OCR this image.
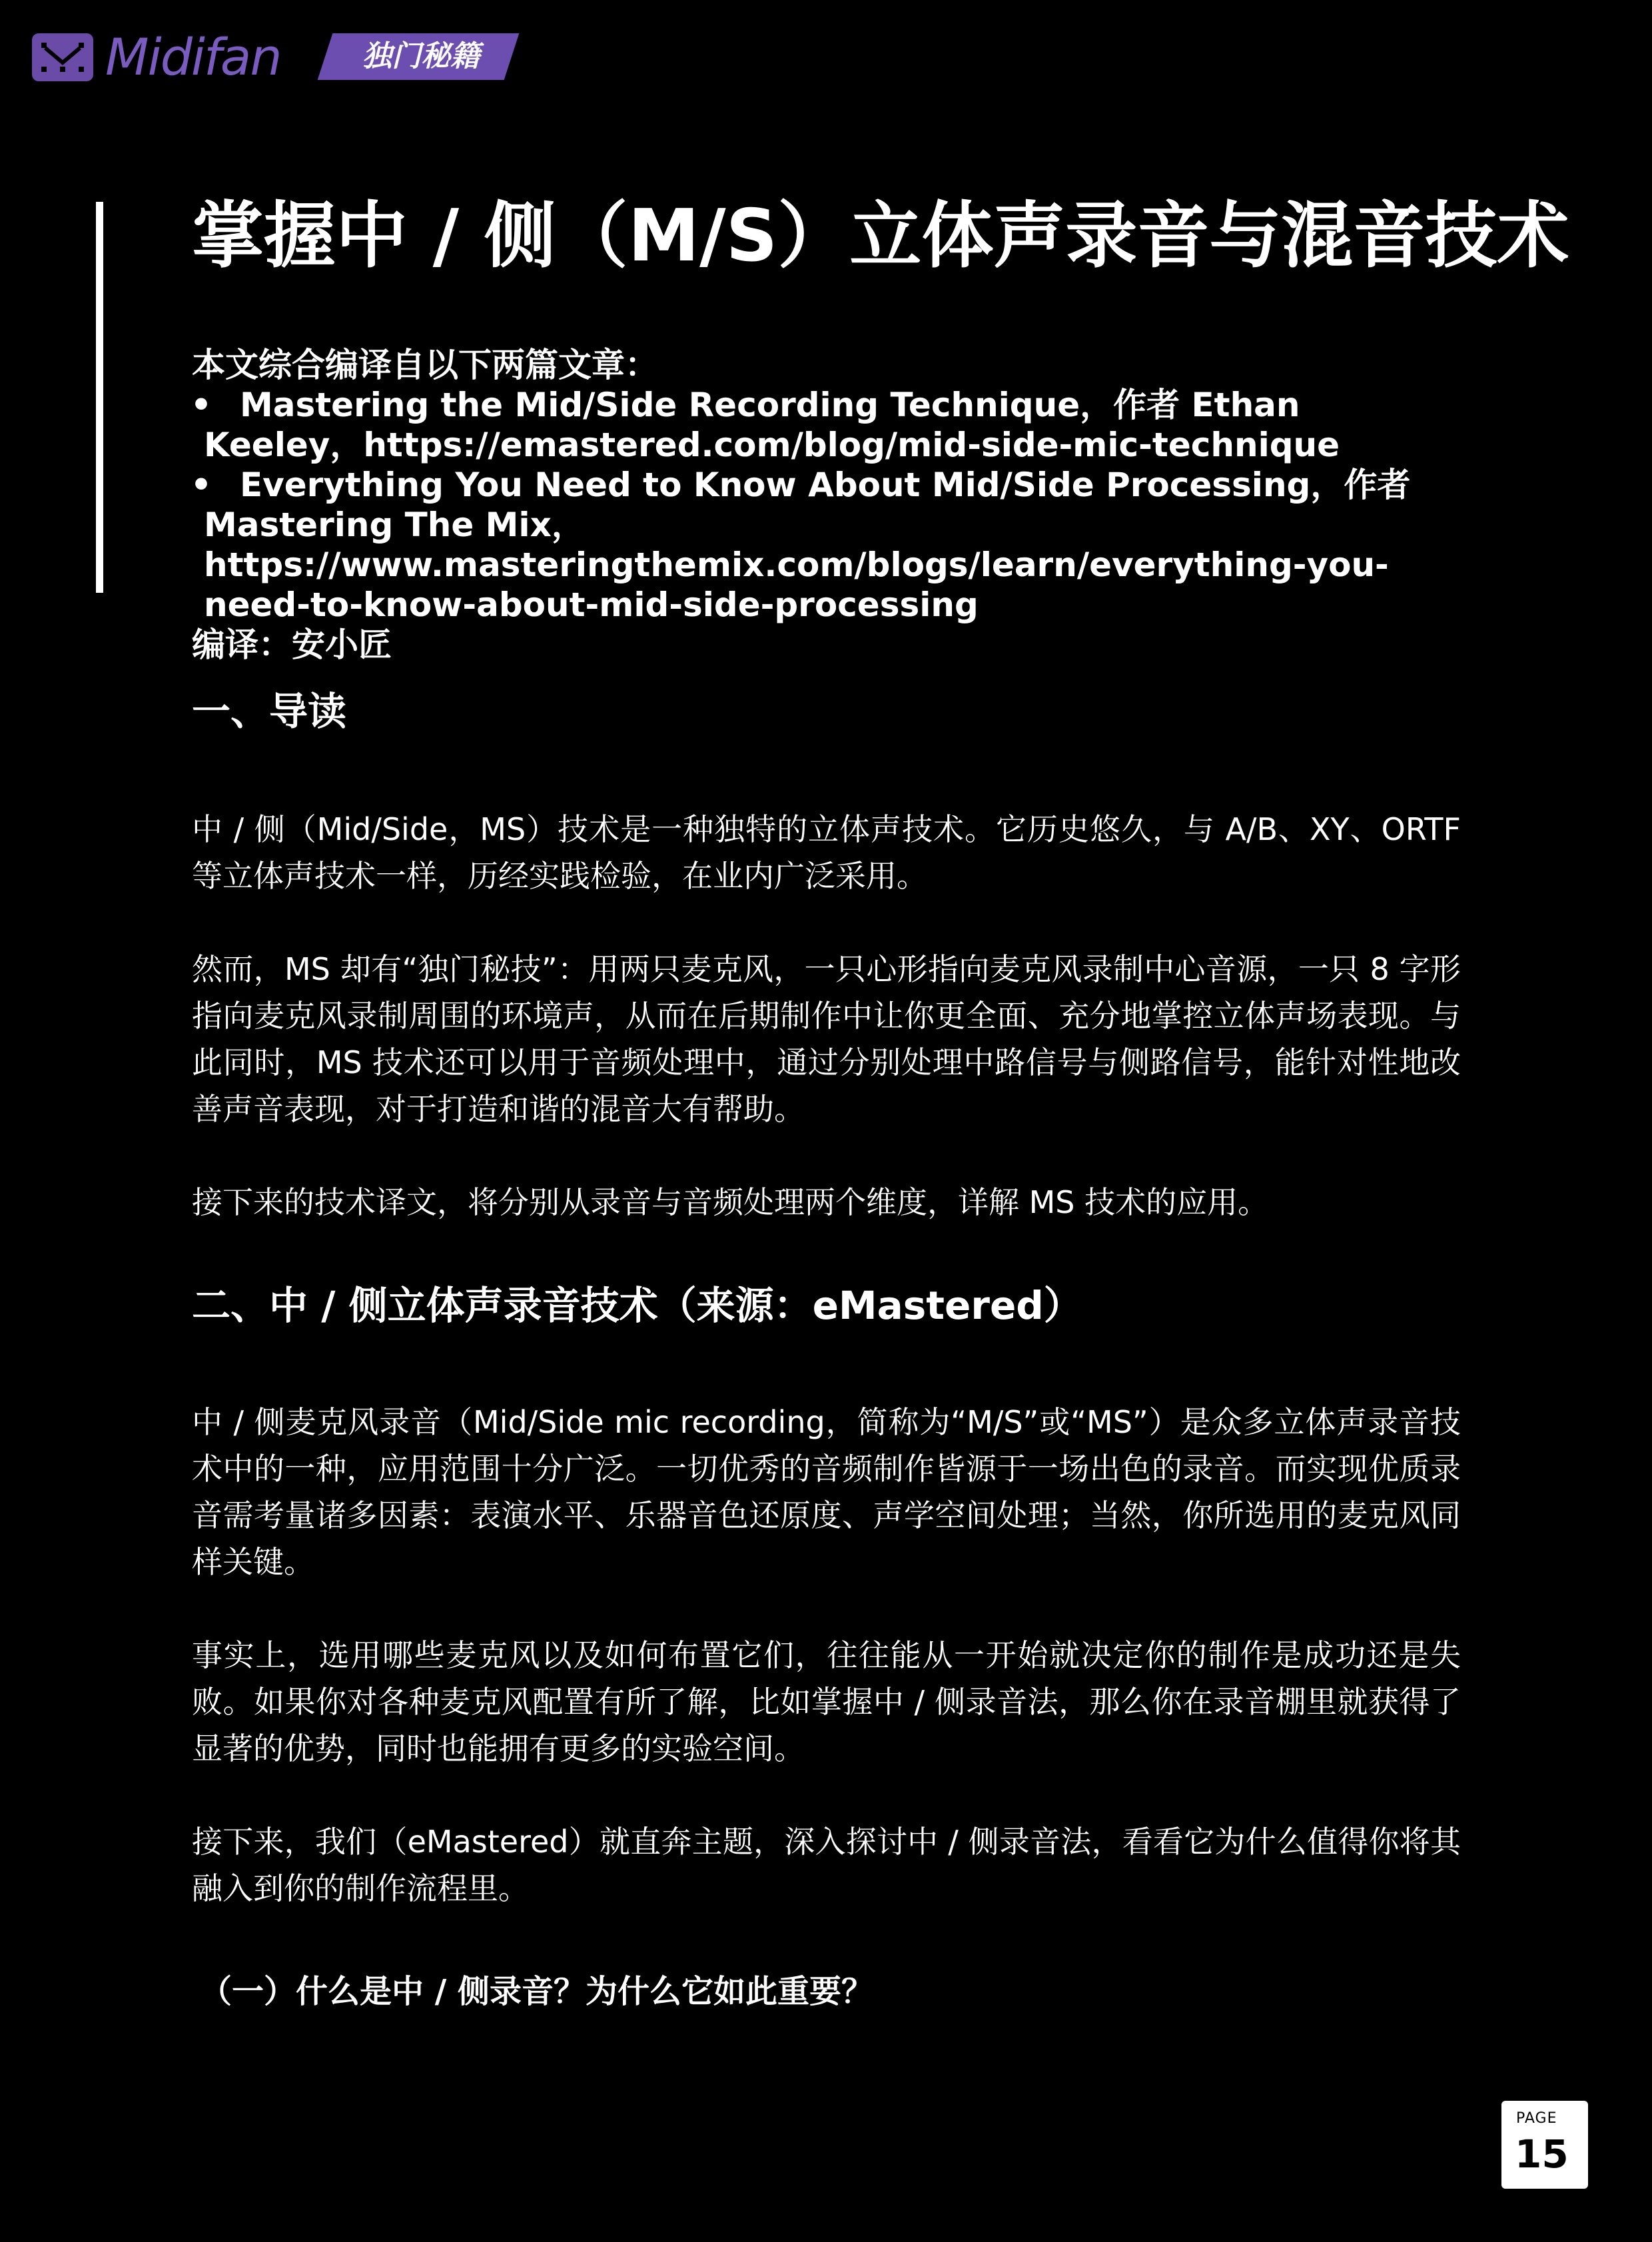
Midifan	独门秘籍
掌握中 / 侧（M/S）立体声录音与混音技术

本文综合编译自以下两篇文章：

• Mastering the Mid/Side Recording Technique，作者 Ethan Keeley，https://emastered.com/blog/mid-side-mic-technique
• Everything You Need to Know About Mid/Side Processing，作者 Mastering The Mix，https://www.masteringthemix.com/blogs/learn/everything-you-need-to-know-about-mid-side-processing

编译：安小匠

一、导读

中 / 侧（Mid/Side，MS）技术是一种独特的立体声技术。它历史悠久，与 A/B、XY、ORTF 等立体声技术一样，历经实践检验，在业内广泛采用。

然而，MS 却有“独门秘技”：用两只麦克风，一只心形指向麦克风录制中心音源，一只 8 字形指向麦克风录制周围的环境声，从而在后期制作中让你更全面、充分地掌控立体声场表现。与此同时，MS 技术还可以用于音频处理中，通过分别处理中路信号与侧路信号，能针对性地改善声音表现，对于打造和谐的混音大有帮助。

接下来的技术译文，将分别从录音与音频处理两个维度，详解 MS 技术的应用。

二、中 / 侧立体声录音技术（来源：eMastered）

中 / 侧麦克风录音（Mid/Side mic recording，简称为“M/S”或“MS”）是众多立体声录音技术中的一种，应用范围十分广泛。一切优秀的音频制作皆源于一场出色的录音。而实现优质录音需考量诸多因素：表演水平、乐器音色还原度、声学空间处理；当然，你所选用的麦克风同样关键。

事实上，选用哪些麦克风以及如何布置它们，往往能从一开始就决定你的制作是成功还是失败。如果你对各种麦克风配置有所了解，比如掌握中 / 侧录音法，那么你在录音棚里就获得了显著的优势，同时也能拥有更多的实验空间。

接下来，我们（eMastered）就直奔主题，深入探讨中 / 侧录音法，看看它为什么值得你将其融入到你的制作流程里。

（一）什么是中 / 侧录音？为什么它如此重要？
PAGE
15
